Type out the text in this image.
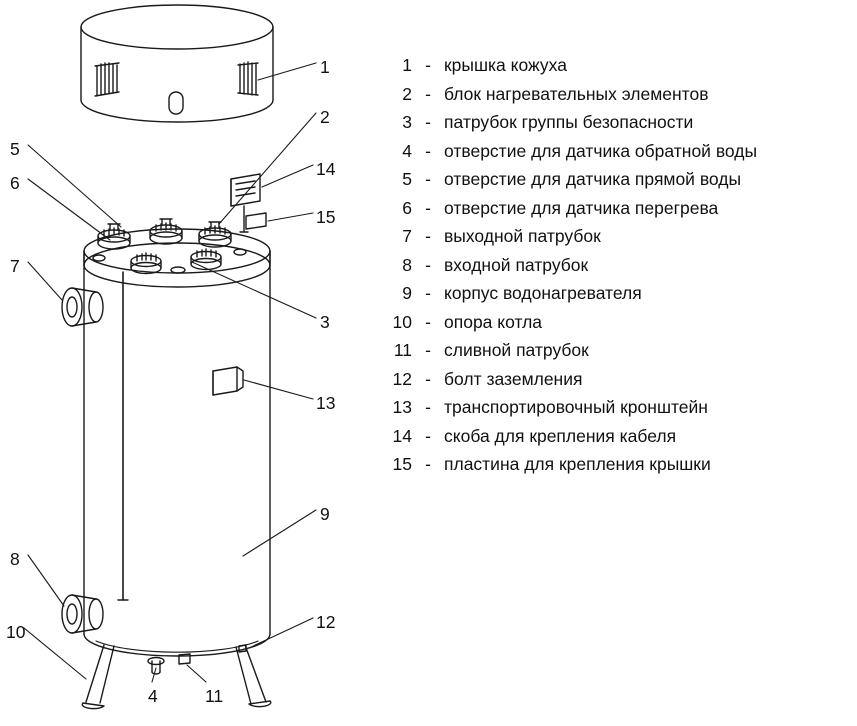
1
2
5
14
6
15
7
3
13
9
8
12
10
4	11
1 - крышка кожуха
2 - блок нагревательных элементов
3 - патрубок группы безопасности
4 - отверстие для датчика обратной воды
5 - отверстие для датчика прямой воды
6 - отверстие для датчика перегрева
7 - выходной патрубок
8 - входной патрубок
9 - корпус водонагревателя
10 - опора котла
11 - сливной патрубок
12 - болт заземления
13 - транспортировочный кронштейн
14 - скоба для крепления кабеля
15 - пластина для крепления крышки
